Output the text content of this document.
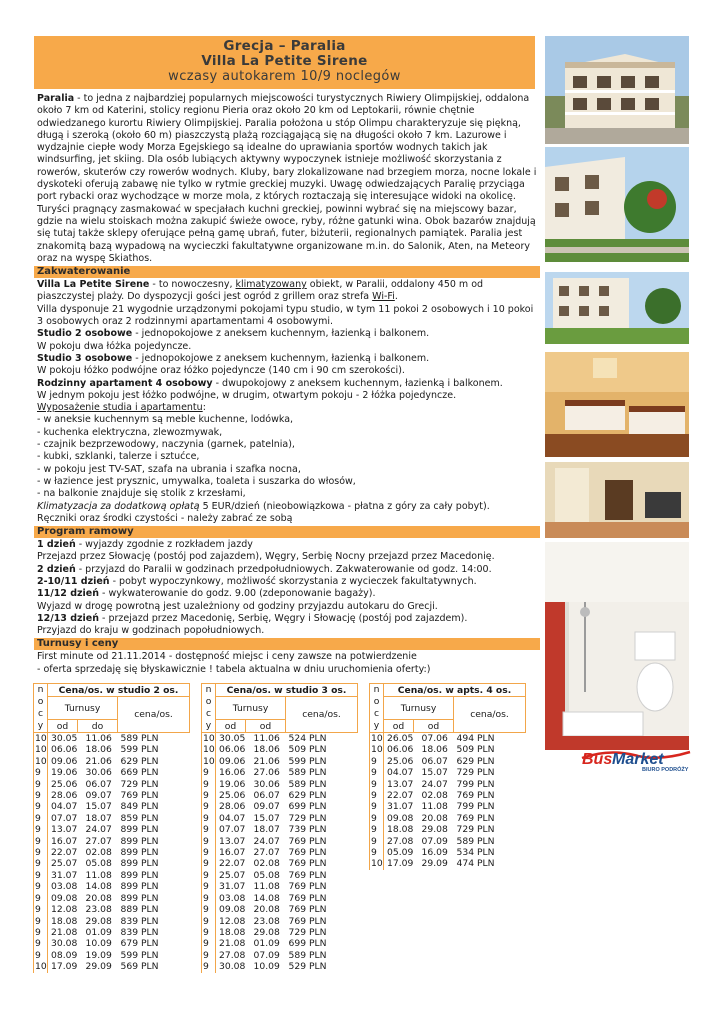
Grecja – Paralia
Villa La Petite Sirene
wczasy autokarem 10/9 noclegów

Paralia - to jedna z najbardziej popularnych miejscowości turystycznych Riwiery Olimpijskiej, oddalona około 7 km od Katerini, stolicy regionu Pieria oraz około 20 km od Leptokarii, równie chętnie odwiedzanego kurortu Riwiery Olimpijskiej. Paralia położona u stóp Olimpu charakteryzuje się piękną, długą i szeroką (około 60 m) piaszczystą plażą rozciągającą się na długości około 7 km. Lazurowe i wydzajnie ciepłe wody Morza Egejskiego są idealne do uprawiania sportów wodnych takich jak windsurfing, jet skiing. Dla osób lubiących aktywny wypoczynek istnieje możliwość skorzystania z rowerów, skuterów czy rowerów wodnych. Kluby, bary zlokalizowane nad brzegiem morza, nocne lokale i dyskoteki oferują zabawę nie tylko w rytmie greckiej muzyki. Uwagę odwiedzających Paralię przyciąga port rybacki oraz wychodzące w morze mola, z których roztaczają się interesujące widoki na okolicę. Turyści pragnący zasmakować w specjałach kuchni greckiej, powinni wybrać się na miejscowy bazar, gdzie na wielu stoiskach można zakupić świeże owoce, ryby, różne gatunki wina. Obok bazarów znajdują się tutaj także sklepy oferujące pełną gamę ubrań, futer, biżuterii, regionalnych pamiątek. Paralia jest znakomitą bazą wypadową na wycieczki fakultatywne organizowane m.in. do Salonik, Aten, na Meteory oraz na wyspę Skiathos.

Zakwaterowanie

Villa La Petite Sirene - to nowoczesny, klimatyzowany obiekt, w Paralii, oddalony 450 m od piaszczystej plaży. Do dyspozycji gości jest ogród z grillem oraz strefa Wi-Fi.

Villa dysponuje 21 wygodnie urządzonymi pokojami typu studio, w tym 11 pokoi 2 osobowych i 10 pokoi 3 osobowych oraz 2 rodzinnymi apartamentami 4 osobowymi.

Studio 2 osobowe - jednopokojowe z aneksem kuchennym, łazienką i balkonem.

W pokoju dwa łóżka pojedyncze.

Studio 3 osobowe - jednopokojowe z aneksem kuchennym, łazienką i balkonem.

W pokoju łóżko podwójne oraz łóżko pojedyncze (140 cm i 90 cm szerokości).

Rodzinny apartament 4 osobowy - dwupokojowy z aneksem kuchennym, łazienką i balkonem.

W jednym pokoju jest łóżko podwójne, w drugim, otwartym pokoju - 2 łóżka pojedyncze.

Wyposażenie studia i apartamentu:

- w aneksie kuchennym są meble kuchenne, lodówka,

- kuchenka elektryczna, zlewozmywak,

- czajnik bezprzewodowy, naczynia (garnek, patelnia),

- kubki, szklanki, talerze i sztućce,

- w pokoju jest TV-SAT, szafa na ubrania i szafka nocna,

- w łazience jest prysznic, umywalka, toaleta i suszarka do włosów,

- na balkonie znajduje się stolik z krzesłami,

Klimatyzacja za dodatkową opłatą 5 EUR/dzień (nieobowiązkowa - płatna z góry za cały pobyt).

Ręczniki oraz środki czystości - należy zabrać ze sobą

Program ramowy

1 dzień - wyjazdy zgodnie z rozkładem jazdy

Przejazd przez Słowację (postój pod zajazdem), Węgry, Serbię Nocny przejazd przez Macedonię.

2 dzień - przyjazd do Paralii w godzinach przedpołudniowych. Zakwaterowanie od godz. 14:00.

2-10/11 dzień - pobyt wypoczynkowy, możliwość skorzystania z wycieczek fakultatywnych.

11/12 dzień - wykwaterowanie do godz. 9.00 (zdeponowanie bagaży).

Wyjazd w drogę powrotną jest uzależniony od godziny przyjazdu autokaru do Grecji.

12/13 dzień - przejazd przez Macedonię, Serbię, Węgry i Słowację (postój pod zajazdem).

Przyjazd do kraju w godzinach popołudniowych.

Turnusy i ceny

First minute od 21.11.2014 - dostępność miejsc i ceny zawsze na potwierdzenie

- oferta sprzedaję się błyskawicznie ! tabela aktualna w dniu uruchomienia oferty:)

n
o
c
y	Cena/os. w studio 2 os.		
	Turnusy		cena/os.
	od	do	
10	30.05	11.06	589 PLN
10	06.06	18.06	599 PLN
10	09.06	21.06	629 PLN
9	19.06	30.06	669 PLN
9	25.06	06.07	729 PLN
9	28.06	09.07	769 PLN
9	04.07	15.07	849 PLN
9	07.07	18.07	859 PLN
9	13.07	24.07	899 PLN
9	16.07	27.07	899 PLN
9	22.07	02.08	899 PLN
9	25.07	05.08	899 PLN
9	31.07	11.08	899 PLN
9	03.08	14.08	899 PLN
9	09.08	20.08	899 PLN
9	12.08	23.08	889 PLN
9	18.08	29.08	839 PLN
9	21.08	01.09	839 PLN
9	30.08	10.09	679 PLN
9	08.09	19.09	599 PLN
10	17.09	29.09	569 PLN
n
o
c
y	Cena/os. w studio 3 os.		
	Turnusy		cena/os.
	od	od	
10	30.05	11.06	524 PLN
10	06.06	18.06	509 PLN
10	09.06	21.06	599 PLN
9	16.06	27.06	589 PLN
9	19.06	30.06	589 PLN
9	25.06	06.07	629 PLN
9	28.06	09.07	699 PLN
9	04.07	15.07	729 PLN
9	07.07	18.07	739 PLN
9	13.07	24.07	769 PLN
9	16.07	27.07	769 PLN
9	22.07	02.08	769 PLN
9	25.07	05.08	769 PLN
9	31.07	11.08	769 PLN
9	03.08	14.08	769 PLN
9	09.08	20.08	769 PLN
9	12.08	23.08	769 PLN
9	18.08	29.08	729 PLN
9	21.08	01.09	699 PLN
9	27.08	07.09	589 PLN
9	30.08	10.09	529 PLN
n
o
c
y	Cena/os. w apts. 4 os.		
	Turnusy		cena/os.
	od	od	
10	26.05	07.06	494 PLN
10	06.06	18.06	509 PLN
9	25.06	06.07	629 PLN
9	04.07	15.07	729 PLN
9	13.07	24.07	799 PLN
9	22.07	02.08	769 PLN
9	31.07	11.08	799 PLN
9	09.08	20.08	769 PLN
9	18.08	29.08	729 PLN
9	27.08	07.09	589 PLN
9	05.09	16.09	534 PLN
10	17.09	29.09	474 PLN
Bus Market
BIURO PODRÓŻY
